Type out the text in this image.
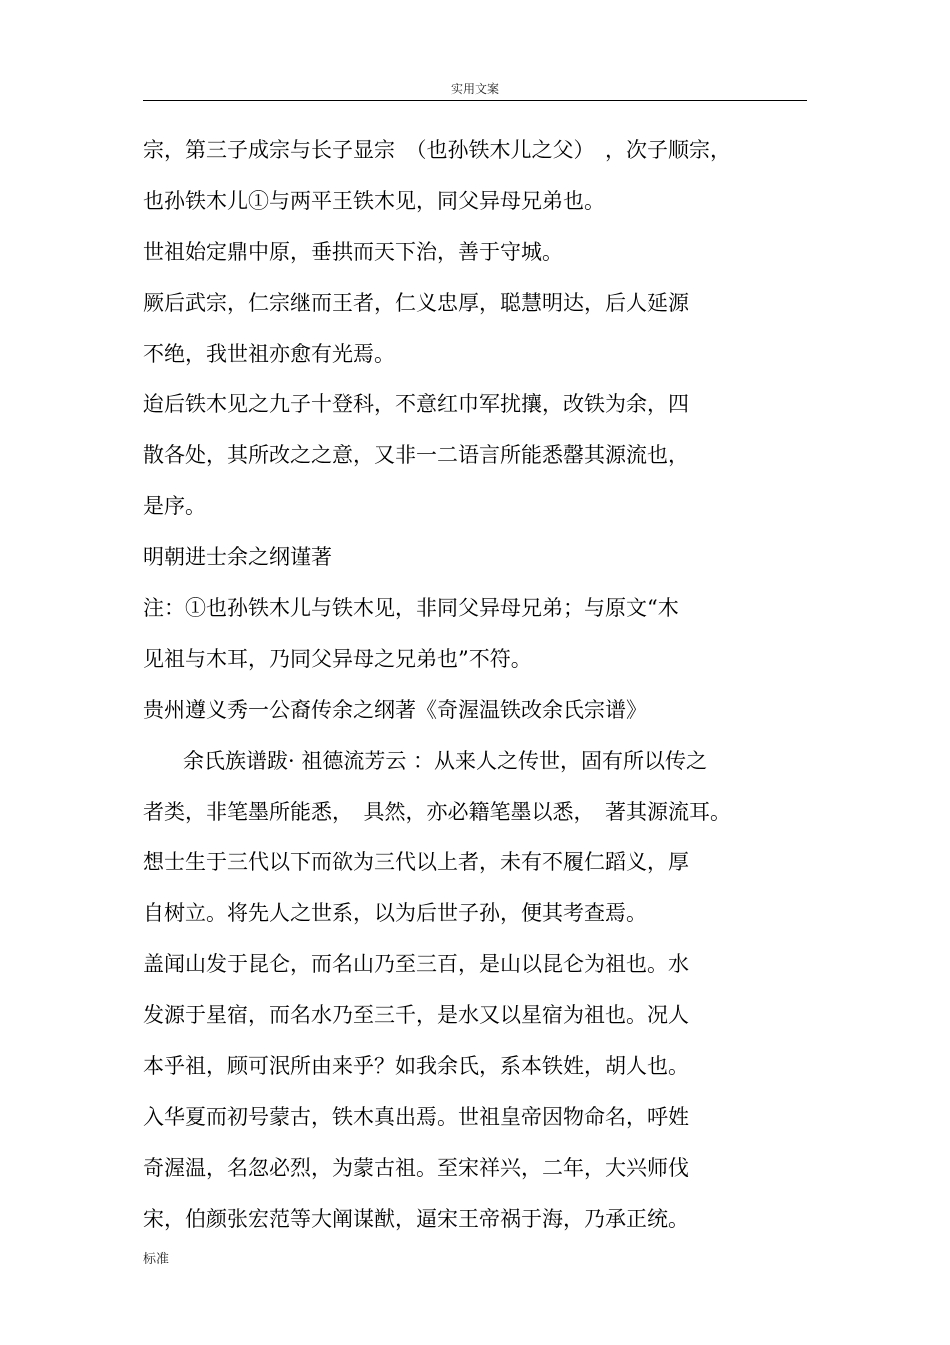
实用文案
宗，第三子成宗与长子显宗　（也孙铁木儿之父）　，次子顺宗，
也孙铁木儿①与两平王铁木见，同父异母兄弟也。
世祖始定鼎中原，垂拱而天下治，善于守城。
厥后武宗，仁宗继而王者，仁义忠厚，聪慧明达，后人延源
不绝，我世祖亦愈有光焉。
迨后铁木见之九子十登科，不意红巾军扰攘，改铁为余，四
散各处，其所改之之意，又非一二语言所能悉罄其源流也，
是序。
明朝进士余之纲谨著
注：①也孙铁木儿与铁木见，非同父异母兄弟；与原文“木
见祖与木耳，乃同父异母之兄弟也”不符。
贵州遵义秀一公裔传余之纲著《奇渥温铁改余氏宗谱》
余氏族谱跋· 祖德流芳云 ：从来人之传世，固有所以传之
者类，非笔墨所能悉，　具然，亦必籍笔墨以悉，　著其源流耳。
想士生于三代以下而欲为三代以上者，未有不履仁蹈义，厚
自树立。将先人之世系，以为后世子孙，便其考查焉。
盖闻山发于昆仑，而名山乃至三百，是山以昆仑为祖也。水
发源于星宿，而名水乃至三千，是水又以星宿为祖也。况人
本乎祖，顾可泯所由来乎？如我余氏，系本铁姓，胡人也。
入华夏而初号蒙古，铁木真出焉。世祖皇帝因物命名，呼姓
奇渥温，名忽必烈，为蒙古祖。至宋祥兴，二年，大兴师伐
宋，伯颜张宏范等大阐谋猷，逼宋王帝祸于海，乃承正统。
标准
